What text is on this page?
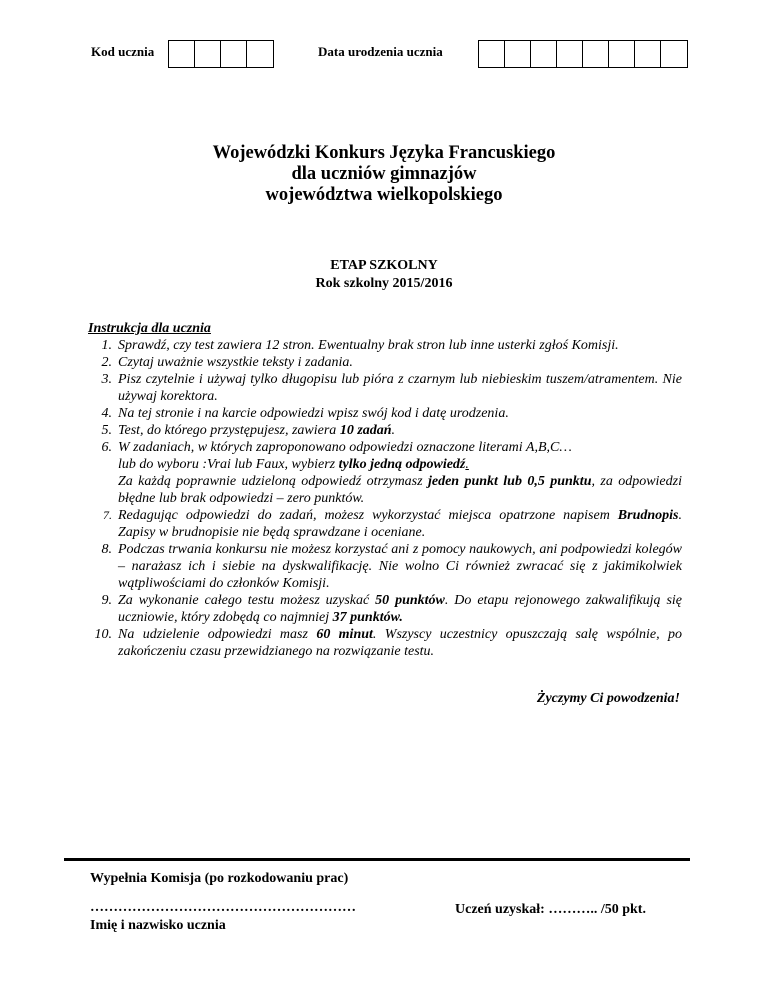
Kod ucznia	Data urodzenia ucznia
Wojewódzki Konkurs Języka Francuskiego
dla uczniów gimnazjów
województwa wielkopolskiego
ETAP SZKOLNY
Rok szkolny 2015/2016
Instrukcja dla ucznia
1. Sprawdź, czy test zawiera 12 stron. Ewentualny brak stron lub inne usterki zgłoś Komisji.
2. Czytaj uważnie wszystkie teksty i zadania.
3. Pisz czytelnie i używaj tylko długopisu lub pióra z czarnym lub niebieskim tuszem/atramentem. Nie używaj korektora.
4. Na tej stronie i na karcie odpowiedzi wpisz swój kod i datę urodzenia.
5. Test, do którego przystępujesz, zawiera 10 zadań.
6. W zadaniach, w których zaproponowano odpowiedzi oznaczone literami A,B,C…
lub do wyboru :Vrai lub Faux, wybierz tylko jedną odpowiedź.
Za każdą poprawnie udzieloną odpowiedź otrzymasz jeden punkt lub 0,5 punktu, za odpowiedzi błędne lub brak odpowiedzi – zero punktów.
7. Redagując odpowiedzi do zadań, możesz wykorzystać miejsca opatrzone napisem Brudnopis. Zapisy w brudnopisie nie będą sprawdzane i oceniane.
8. Podczas trwania konkursu nie możesz korzystać ani z pomocy naukowych, ani podpowiedzi kolegów – narażasz ich i siebie na dyskwalifikację. Nie wolno Ci również zwracać się z jakimikolwiek wątpliwościami do członków Komisji.
9. Za wykonanie całego testu możesz uzyskać 50 punktów. Do etapu rejonowego zakwalifikują się uczniowie, który zdobędą co najmniej 37 punktów.
10. Na udzielenie odpowiedzi masz 60 minut. Wszyscy uczestnicy opuszczają salę wspólnie, po zakończeniu czasu przewidzianego na rozwiązanie testu.
Życzymy Ci powodzenia!
Wypełnia Komisja (po rozkodowaniu prac)
…………………………………………………
Imię i nazwisko ucznia
Uczeń uzyskał: ……….. /50 pkt.
